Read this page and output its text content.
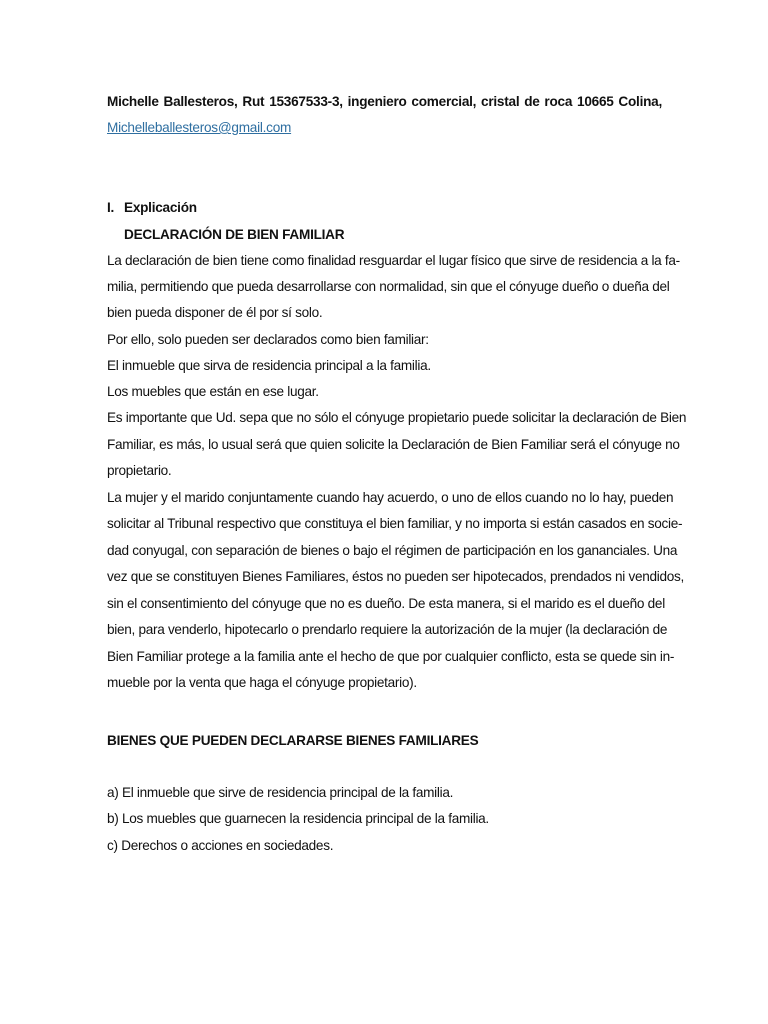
Michelle Ballesteros, Rut 15367533-3, ingeniero comercial, cristal de roca 10665 Colina,
Michelleballesteros@gmail.com
I. Explicación
DECLARACIÓN DE BIEN FAMILIAR
La declaración de bien tiene como finalidad resguardar el lugar físico que sirve de residencia a la fa-
milia, permitiendo que pueda desarrollarse con normalidad, sin que el cónyuge dueño o dueña del
bien pueda disponer de él por sí solo.
Por ello, solo pueden ser declarados como bien familiar:
El inmueble que sirva de residencia principal a la familia.
Los muebles que están en ese lugar.
Es importante que Ud. sepa que no sólo el cónyuge propietario puede solicitar la declaración de Bien
Familiar, es más, lo usual será que quien solicite la Declaración de Bien Familiar será el cónyuge no
propietario.
La mujer y el marido conjuntamente cuando hay acuerdo, o uno de ellos cuando no lo hay, pueden
solicitar al Tribunal respectivo que constituya el bien familiar, y no importa si están casados en socie-
dad conyugal, con separación de bienes o bajo el régimen de participación en los gananciales. Una
vez que se constituyen Bienes Familiares, éstos no pueden ser hipotecados, prendados ni vendidos,
sin el consentimiento del cónyuge que no es dueño. De esta manera, si el marido es el dueño del
bien, para venderlo, hipotecarlo o prendarlo requiere la autorización de la mujer (la declaración de
Bien Familiar protege a la familia ante el hecho de que por cualquier conflicto, esta se quede sin in-
mueble por la venta que haga el cónyuge propietario).
BIENES QUE PUEDEN DECLARARSE BIENES FAMILIARES
a) El inmueble que sirve de residencia principal de la familia.
b) Los muebles que guarnecen la residencia principal de la familia.
c) Derechos o acciones en sociedades.
